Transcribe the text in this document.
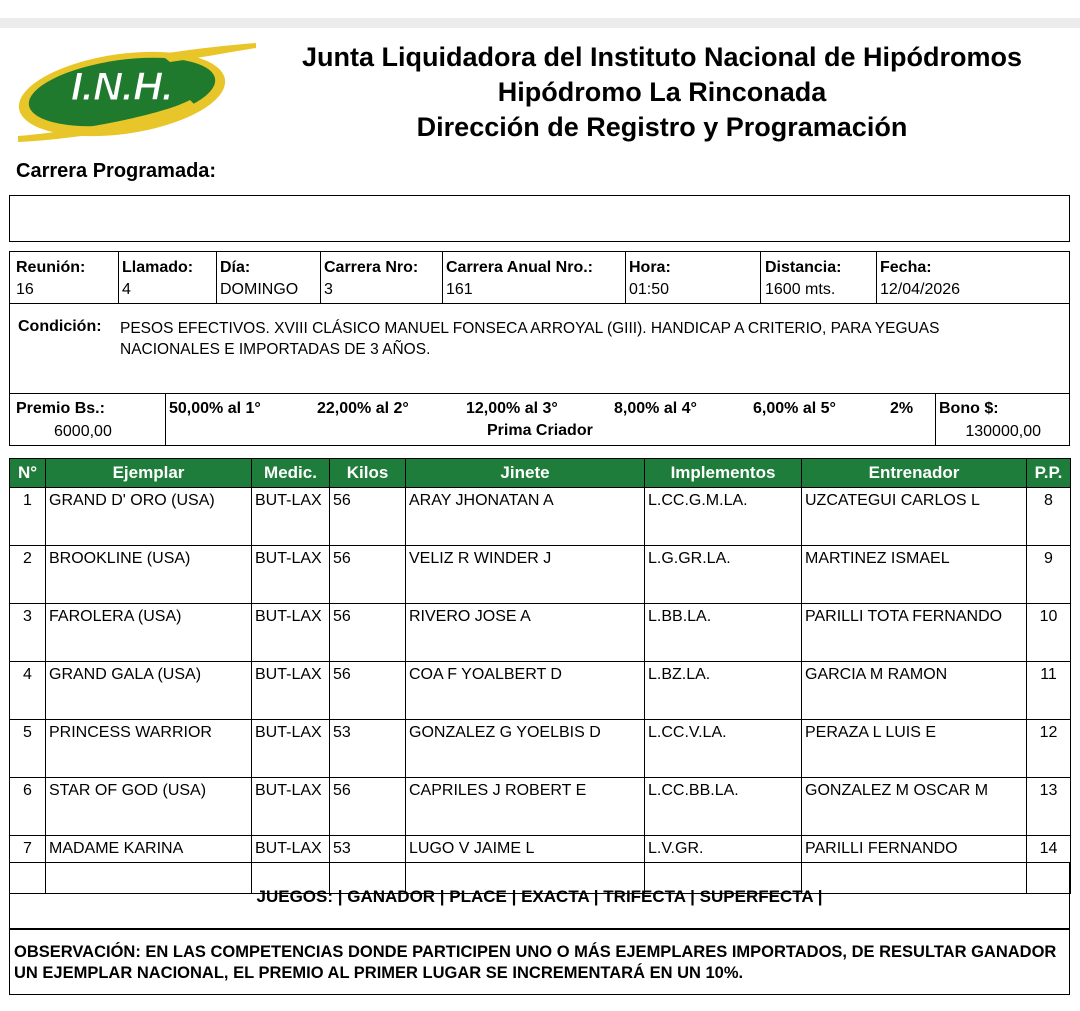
I.N.H.
Junta Liquidadora del Instituto Nacional de Hipódromos
Hipódromo La Rinconada
Dirección de Registro y Programación
Carrera Programada:
Reunión:
16
Llamado:
4
Día:
DOMINGO
Carrera Nro:
3
Carrera Anual Nro.:
161
Hora:
01:50
Distancia:
1600 mts.
Fecha:
12/04/2026
Condición: PESOS EFECTIVOS. XVIII CLÁSICO MANUEL FONSECA ARROYAL (GIII). HANDICAP A CRITERIO, PARA YEGUAS NACIONALES E IMPORTADAS DE 3 AÑOS.
Premio Bs.:
6000,00
50,00% al 1°	22,00% al 2°	12,00% al 3°	8,00% al 4°	6,00% al 5°	2%
Prima Criador
Bono $:
130000,00
N°	Ejemplar	Medic.	Kilos	Jinete	Implementos	Entrenador	P.P.
1	GRAND D' ORO (USA)	BUT-LAX	56	ARAY JHONATAN A	L.CC.G.M.LA.	UZCATEGUI CARLOS L	8
2	BROOKLINE (USA)	BUT-LAX	56	VELIZ R WINDER J	L.G.GR.LA.	MARTINEZ ISMAEL	9
3	FAROLERA (USA)	BUT-LAX	56	RIVERO JOSE A	L.BB.LA.	PARILLI TOTA FERNANDO	10
4	GRAND GALA (USA)	BUT-LAX	56	COA F YOALBERT D	L.BZ.LA.	GARCIA M RAMON	11
5	PRINCESS WARRIOR	BUT-LAX	53	GONZALEZ G YOELBIS D	L.CC.V.LA.	PERAZA L LUIS E	12
6	STAR OF GOD (USA)	BUT-LAX	56	CAPRILES J ROBERT E	L.CC.BB.LA.	GONZALEZ M OSCAR M	13
7	MADAME KARINA	BUT-LAX	53	LUGO V JAIME L	L.V.GR.	PARILLI FERNANDO	14
JUEGOS: | GANADOR | PLACE | EXACTA | TRIFECTA | SUPERFECTA |
OBSERVACIÓN: EN LAS COMPETENCIAS DONDE PARTICIPEN UNO O MÁS EJEMPLARES IMPORTADOS, DE RESULTAR GANADOR UN EJEMPLAR NACIONAL, EL PREMIO AL PRIMER LUGAR SE INCREMENTARÁ EN UN 10%.
